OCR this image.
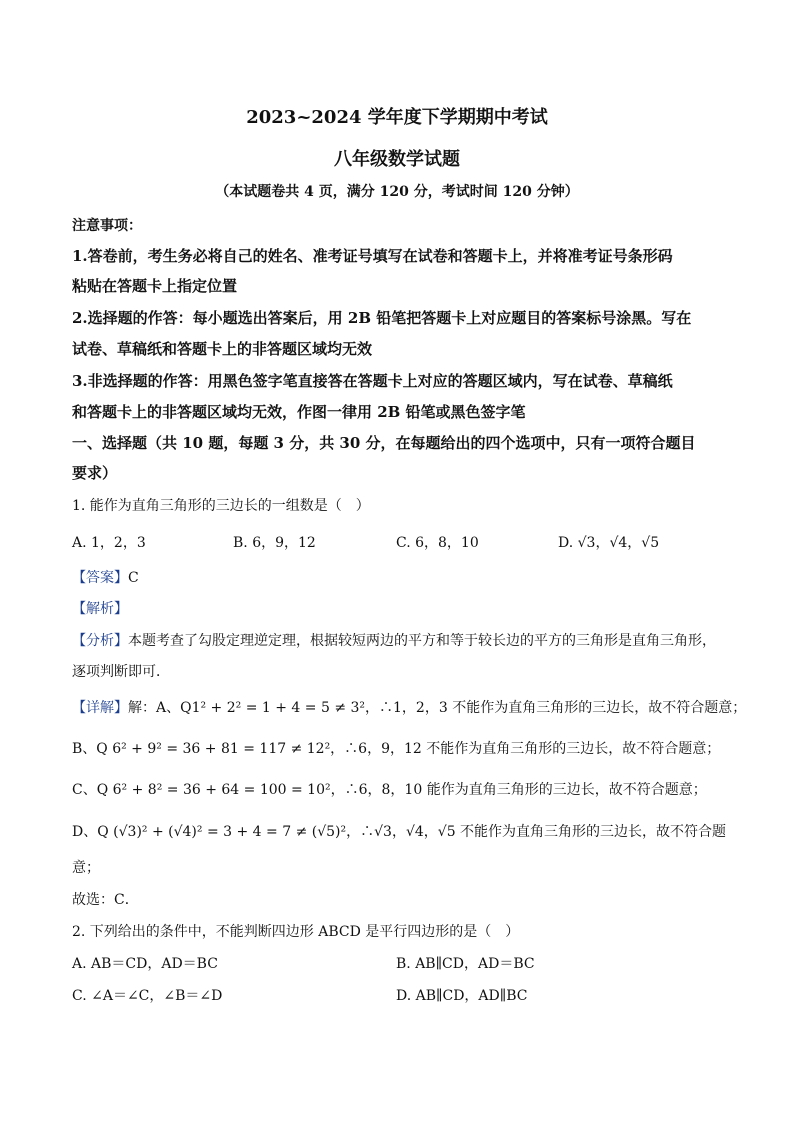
2023~2024 学年度下学期期中考试
八年级数学试题
（本试题卷共 4 页，满分 120 分，考试时间 120 分钟）
注意事项：
1.答卷前，考生务必将自己的姓名、准考证号填写在试卷和答题卡上，并将准考证号条形码
粘贴在答题卡上指定位置
2.选择题的作答：每小题选出答案后，用 2B 铅笔把答题卡上对应题目的答案标号涂黑。写在
试卷、草稿纸和答题卡上的非答题区域均无效
3.非选择题的作答：用黑色签字笔直接答在答题卡上对应的答题区域内，写在试卷、草稿纸
和答题卡上的非答题区域均无效，作图一律用 2B 铅笔或黑色签字笔
一、选择题（共 10 题，每题 3 分，共 30 分，在每题给出的四个选项中，只有一项符合题目
要求）
1. 能作为直角三角形的三边长的一组数是（　）
A. 1，2，3	B. 6，9，12	C. 6，8，10	D. √3，√4，√5
【答案】C
【解析】
【分析】本题考查了勾股定理逆定理，根据较短两边的平方和等于较长边的平方的三角形是直角三角形，
逐项判断即可．
【详解】解：A、Q1² + 2² = 1 + 4 = 5 ≠ 3²，∴1，2，3 不能作为直角三角形的三边长，故不符合题意；
B、Q 6² + 9² = 36 + 81 = 117 ≠ 12²，∴6，9，12 不能作为直角三角形的三边长，故不符合题意；
C、Q 6² + 8² = 36 + 64 = 100 = 10²，∴6，8，10 能作为直角三角形的三边长，故不符合题意；
D、Q (√3)² + (√4)² = 3 + 4 = 7 ≠ (√5)²，∴√3，√4，√5 不能作为直角三角形的三边长，故不符合题
意；
故选：C．
2. 下列给出的条件中，不能判断四边形 ABCD 是平行四边形的是（　）
A. AB＝CD，AD＝BC	B. AB∥CD，AD＝BC
C. ∠A＝∠C，∠B＝∠D	D. AB∥CD，AD∥BC
